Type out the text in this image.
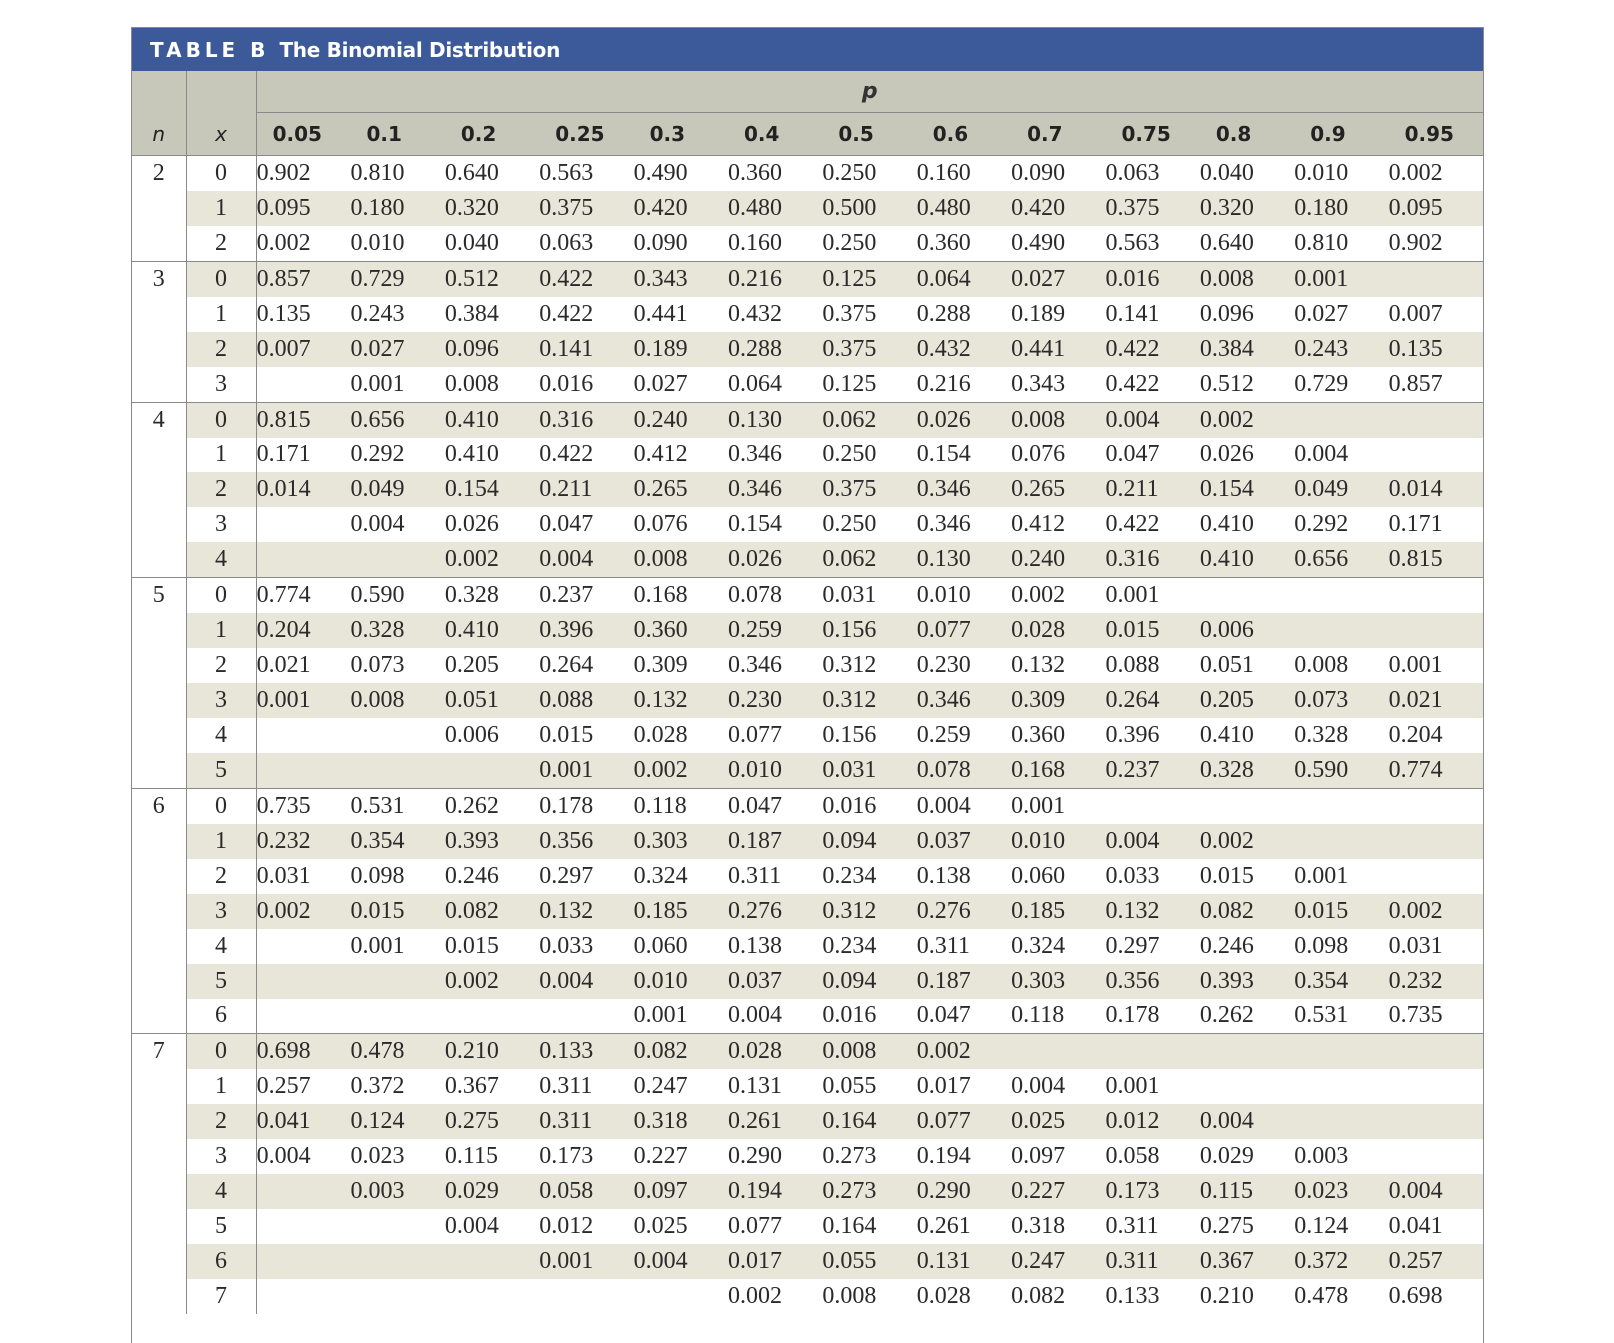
TABLE B The Binomial Distribution
		p												
n	x	0.05	0.1	0.2	0.25	0.3	0.4	0.5	0.6	0.7	0.75	0.8	0.9	0.95
2	0	0.902	0.810	0.640	0.563	0.490	0.360	0.250	0.160	0.090	0.063	0.040	0.010	0.002
	1	0.095	0.180	0.320	0.375	0.420	0.480	0.500	0.480	0.420	0.375	0.320	0.180	0.095
	2	0.002	0.010	0.040	0.063	0.090	0.160	0.250	0.360	0.490	0.563	0.640	0.810	0.902
3	0	0.857	0.729	0.512	0.422	0.343	0.216	0.125	0.064	0.027	0.016	0.008	0.001	
	1	0.135	0.243	0.384	0.422	0.441	0.432	0.375	0.288	0.189	0.141	0.096	0.027	0.007
	2	0.007	0.027	0.096	0.141	0.189	0.288	0.375	0.432	0.441	0.422	0.384	0.243	0.135
	3		0.001	0.008	0.016	0.027	0.064	0.125	0.216	0.343	0.422	0.512	0.729	0.857
4	0	0.815	0.656	0.410	0.316	0.240	0.130	0.062	0.026	0.008	0.004	0.002		
	1	0.171	0.292	0.410	0.422	0.412	0.346	0.250	0.154	0.076	0.047	0.026	0.004	
	2	0.014	0.049	0.154	0.211	0.265	0.346	0.375	0.346	0.265	0.211	0.154	0.049	0.014
	3		0.004	0.026	0.047	0.076	0.154	0.250	0.346	0.412	0.422	0.410	0.292	0.171
	4			0.002	0.004	0.008	0.026	0.062	0.130	0.240	0.316	0.410	0.656	0.815
5	0	0.774	0.590	0.328	0.237	0.168	0.078	0.031	0.010	0.002	0.001			
	1	0.204	0.328	0.410	0.396	0.360	0.259	0.156	0.077	0.028	0.015	0.006		
	2	0.021	0.073	0.205	0.264	0.309	0.346	0.312	0.230	0.132	0.088	0.051	0.008	0.001
	3	0.001	0.008	0.051	0.088	0.132	0.230	0.312	0.346	0.309	0.264	0.205	0.073	0.021
	4			0.006	0.015	0.028	0.077	0.156	0.259	0.360	0.396	0.410	0.328	0.204
	5				0.001	0.002	0.010	0.031	0.078	0.168	0.237	0.328	0.590	0.774
6	0	0.735	0.531	0.262	0.178	0.118	0.047	0.016	0.004	0.001				
	1	0.232	0.354	0.393	0.356	0.303	0.187	0.094	0.037	0.010	0.004	0.002		
	2	0.031	0.098	0.246	0.297	0.324	0.311	0.234	0.138	0.060	0.033	0.015	0.001	
	3	0.002	0.015	0.082	0.132	0.185	0.276	0.312	0.276	0.185	0.132	0.082	0.015	0.002
	4		0.001	0.015	0.033	0.060	0.138	0.234	0.311	0.324	0.297	0.246	0.098	0.031
	5			0.002	0.004	0.010	0.037	0.094	0.187	0.303	0.356	0.393	0.354	0.232
	6					0.001	0.004	0.016	0.047	0.118	0.178	0.262	0.531	0.735
7	0	0.698	0.478	0.210	0.133	0.082	0.028	0.008	0.002					
	1	0.257	0.372	0.367	0.311	0.247	0.131	0.055	0.017	0.004	0.001			
	2	0.041	0.124	0.275	0.311	0.318	0.261	0.164	0.077	0.025	0.012	0.004		
	3	0.004	0.023	0.115	0.173	0.227	0.290	0.273	0.194	0.097	0.058	0.029	0.003	
	4		0.003	0.029	0.058	0.097	0.194	0.273	0.290	0.227	0.173	0.115	0.023	0.004
	5			0.004	0.012	0.025	0.077	0.164	0.261	0.318	0.311	0.275	0.124	0.041
	6				0.001	0.004	0.017	0.055	0.131	0.247	0.311	0.367	0.372	0.257
	7						0.002	0.008	0.028	0.082	0.133	0.210	0.478	0.698
